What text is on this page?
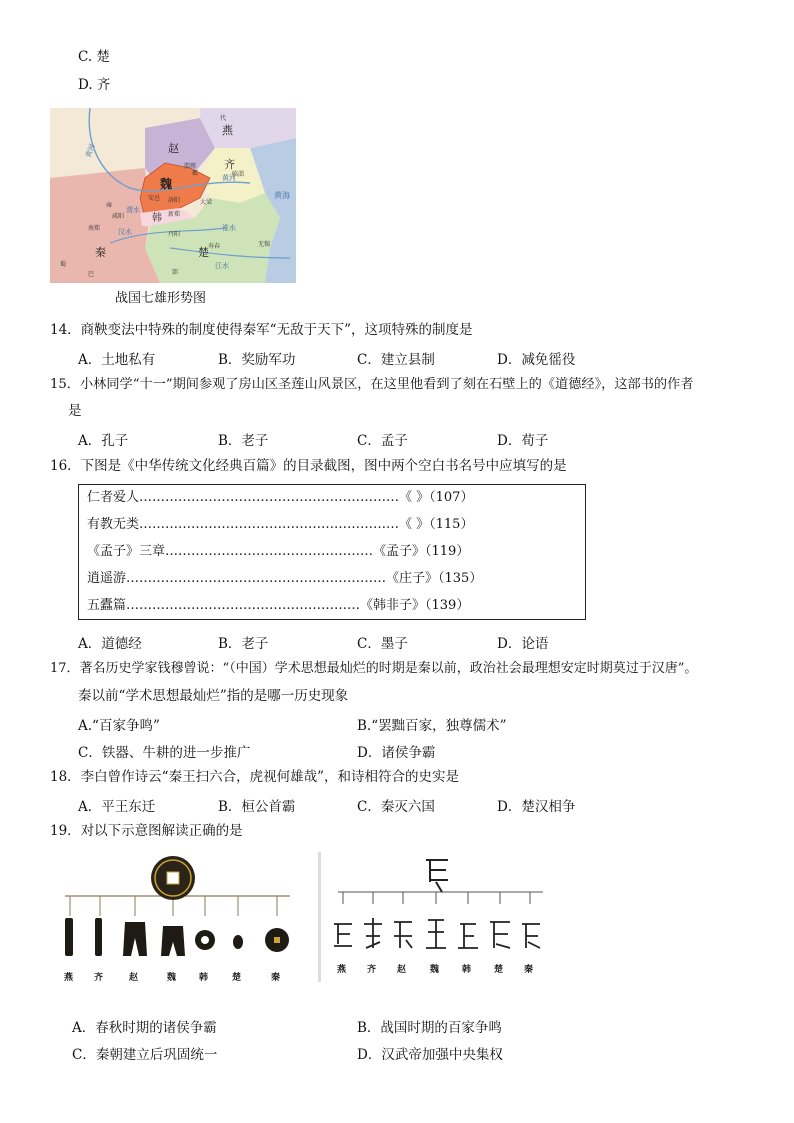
C. 楚
D. 齐
燕
赵
齐
魏
韩
楚
秦
黄河
黄河
渭水
汉水	淮水
江水
黄海
代
邯郸
临淄
邺
安邑 洛阳	大梁
新郑
雍
咸阳
南郑
丹阳
寿春	无锡
郢
蜀
巴
战国七雄形势图
14．商鞅变法中特殊的制度使得秦军“无敌于天下”，这项特殊的制度是
A．土地私有	B．奖励军功	C．建立县制	D．减免徭役
15．小林同学“十一”期间参观了房山区圣莲山风景区，在这里他看到了刻在石壁上的《道德经》，这部书的作者
是
A．孔子	B．老子	C．孟子	D．荀子
16．下图是《中华传统文化经典百篇》的目录截图，图中两个空白书名号中应填写的是
仁者爱人……………………………………………………《 》（107）
有教无类……………………………………………………《 》（115）
《孟子》三章…………………………………………《孟子》（119）
逍遥游……………………………………………………《庄子》（135）
五蠹篇………………………………………………《韩非子》（139）
A．道德经	B．老子	C．墨子	D．论语
17．著名历史学家钱穆曾说：“（中国）学术思想最灿烂的时期是秦以前，政治社会最理想安定时期莫过于汉唐”。
秦以前“学术思想最灿烂”指的是哪一历史现象
A.“百家争鸣”	B.“罢黜百家，独尊儒术”
C．铁器、牛耕的进一步推广	D．诸侯争霸
18．李白曾作诗云“秦王扫六合，虎视何雄哉”，和诗相符合的史实是
A．平王东迁	B．桓公首霸	C．秦灭六国	D．楚汉相争
19．对以下示意图解读正确的是
燕 齐	赵	魏	韩	楚	秦
燕 齐 赵	魏	韩	楚 秦
A．春秋时期的诸侯争霸	B．战国时期的百家争鸣
C．秦朝建立后巩固统一	D．汉武帝加强中央集权
